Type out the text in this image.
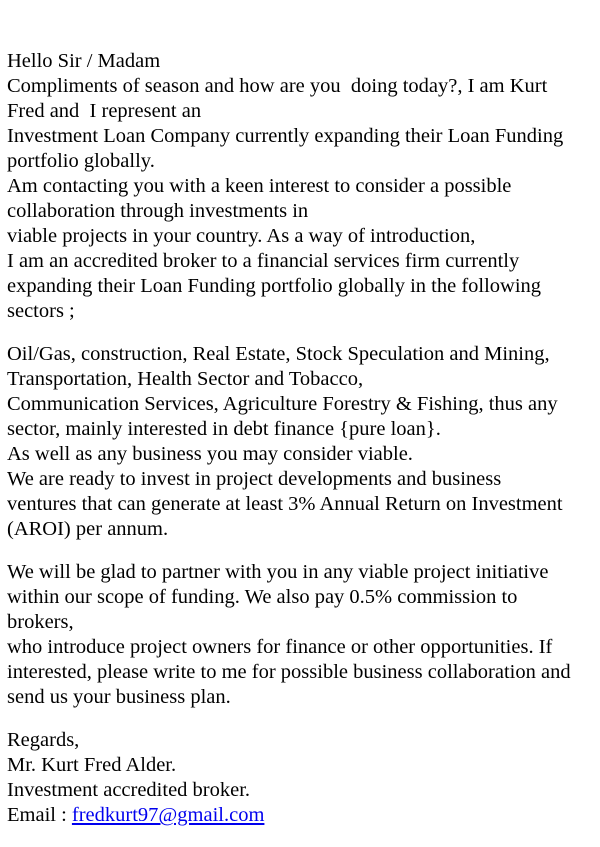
Hello Sir / Madam
Compliments of season and how are you  doing today?, I am Kurt
Fred and  I represent an
Investment Loan Company currently expanding their Loan Funding
portfolio globally.
Am contacting you with a keen interest to consider a possible
collaboration through investments in
viable projects in your country. As a way of introduction,
I am an accredited broker to a financial services firm currently
expanding their Loan Funding portfolio globally in the following
sectors ;
Oil/Gas, construction, Real Estate, Stock Speculation and Mining,
Transportation, Health Sector and Tobacco,
Communication Services, Agriculture Forestry & Fishing, thus any
sector, mainly interested in debt finance {pure loan}.
As well as any business you may consider viable.
We are ready to invest in project developments and business
ventures that can generate at least 3% Annual Return on Investment
(AROI) per annum.
We will be glad to partner with you in any viable project initiative
within our scope of funding. We also pay 0.5% commission to
brokers,
who introduce project owners for finance or other opportunities. If
interested, please write to me for possible business collaboration and
send us your business plan.
Regards,
Mr. Kurt Fred Alder.
Investment accredited broker.
Email : fredkurt97@gmail.com
